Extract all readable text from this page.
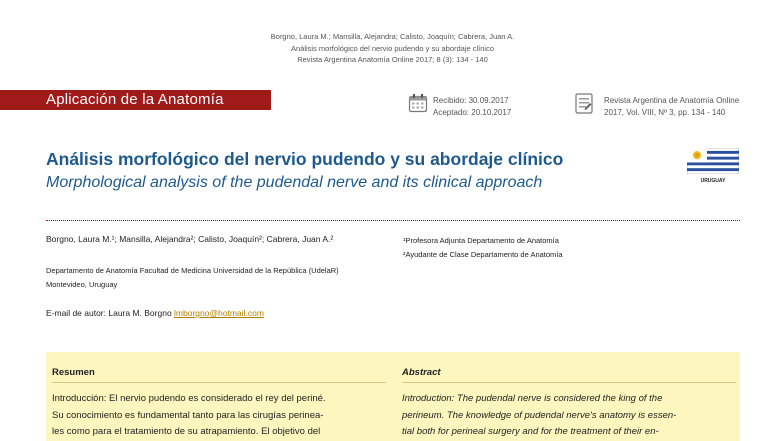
Borgno, Laura M.; Mansilla, Alejandra; Calisto, Joaquín; Cabrera, Juan A.
Análisis morfológico del nervio pudendo y su abordaje clínico
Revista Argentina Anatomía Online 2017; 8 (3): 134 - 140
Aplicación de la Anatomía	Recibido: 30.09.2017
Aceptado: 20.10.2017
Revista Argentina de Anatomía Online
2017, Vol. VIII, Nº 3, pp. 134 - 140
Análisis morfológico del nervio pudendo y su abordaje clínico
Morphological analysis of the pudendal nerve and its clinical approach	URUGUAY
Borgno, Laura M.¹; Mansilla, Alejandra²; Calisto, Joaquín²; Cabrera, Juan A.²	¹Profesora Adjunta Departamento de Anatomía
²Ayudante de Clase Departamento de Anatomía
Departamento de Anatomía Facultad de Medicina Universidad de la República (UdelaR)
Montevideo, Uruguay
E-mail de autor: Laura M. Borgno lmborgno@hotmail.com
Resumen	Abstract
Introducción: El nervio pudendo es considerado el rey del periné.
Su conocimiento es fundamental tanto para las cirugías perinea-
les como para el tratamiento de su atrapamiento. El objetivo del
Introduction: The pudendal nerve is considered the king of the
perineum. The knowledge of pudendal nerve's anatomy is essen-
tial both for perineal surgery and for the treatment of their en-
